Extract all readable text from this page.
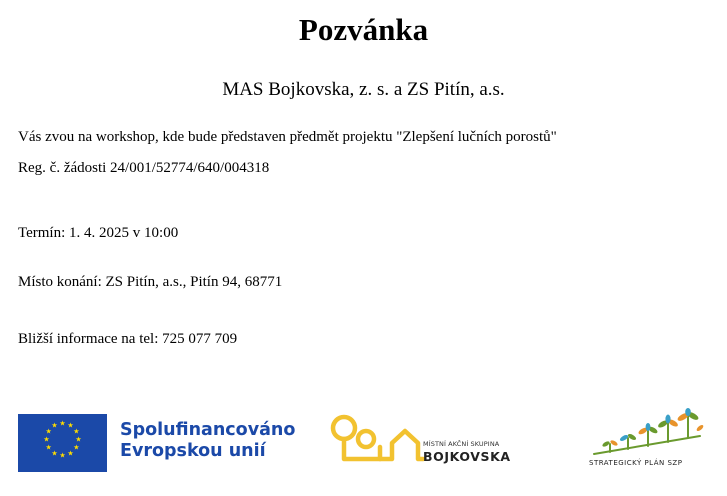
Pozvánka
MAS Bojkovska, z. s. a ZS Pitín, a.s.
Vás zvou na workshop, kde bude představen předmět projektu "Zlepšení lučních porostů"
Reg. č. žádosti 24/001/52774/640/004318
Termín: 1. 4. 2025 v 10:00
Místo konání: ZS Pitín, a.s., Pitín 94, 68771
Bližší informace na tel: 725 077 709
★ ★
★
★
★
★
★
★
★
★
★
★	Spolufinancováno
Evropskou unií	MÍSTNÍ AKČNÍ SKUPINA
BOJKOVSKA	STRATEGICKÝ PLÁN SZP
